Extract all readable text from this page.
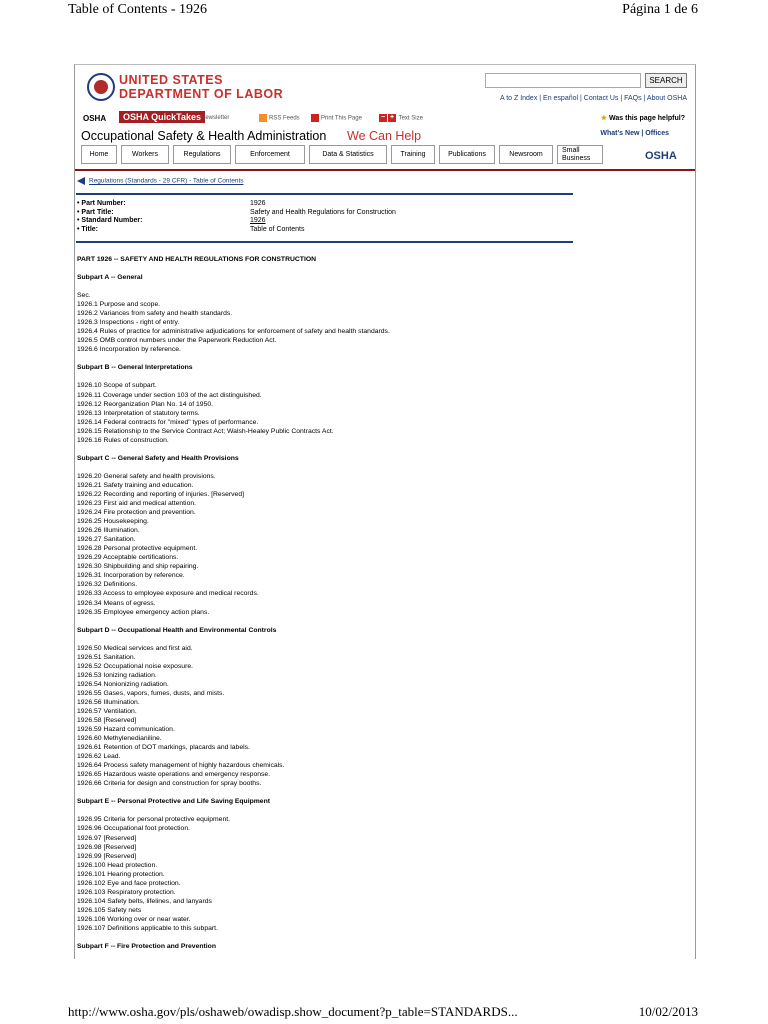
Table of Contents - 1926	Página 1 de 6
UNITED STATES
DEPARTMENT OF LABOR
SEARCH
A to Z Index | En español | Contact Us | FAQs | About OSHA
OSHA	OSHA QuickTakes Newsletter	RSS Feeds	Print This Page	− + Text Size	★ Was this page helpful?
Occupational Safety & Health Administration We Can Help	What's New | Offices
Home	Workers	Regulations	Enforcement	Data & Statistics	Training	Publications	Newsroom
Small
Business	OSHA
Regulations (Standards - 29 CFR) - Table of Contents
• Part Number:	1926
• Part Title:	Safety and Health Regulations for Construction
• Standard Number:	1926
• Title:	Table of Contents
PART 1926 -- SAFETY AND HEALTH REGULATIONS FOR CONSTRUCTION
Subpart A -- General
Sec.
1926.1 Purpose and scope.
1926.2 Variances from safety and health standards.
1926.3 Inspections - right of entry.
1926.4 Rules of practice for administrative adjudications for enforcement of safety and health standards.
1926.5 OMB control numbers under the Paperwork Reduction Act.
1926.6 Incorporation by reference.
Subpart B -- General Interpretations
1926.10 Scope of subpart.
1926.11 Coverage under section 103 of the act distinguished.
1926.12 Reorganization Plan No. 14 of 1950.
1926.13 Interpretation of statutory terms.
1926.14 Federal contracts for "mixed" types of performance.
1926.15 Relationship to the Service Contract Act; Walsh-Healey Public Contracts Act.
1926.16 Rules of construction.
Subpart C -- General Safety and Health Provisions
1926.20 General safety and health provisions.
1926.21 Safety training and education.
1926.22 Recording and reporting of injuries. [Reserved]
1926.23 First aid and medical attention.
1926.24 Fire protection and prevention.
1926.25 Housekeeping.
1926.26 Illumination.
1926.27 Sanitation.
1926.28 Personal protective equipment.
1926.29 Acceptable certifications.
1926.30 Shipbuilding and ship repairing.
1926.31 Incorporation by reference.
1926.32 Definitions.
1926.33 Access to employee exposure and medical records.
1926.34 Means of egress.
1926.35 Employee emergency action plans.
Subpart D -- Occupational Health and Environmental Controls
1926.50 Medical services and first aid.
1926.51 Sanitation.
1926.52 Occupational noise exposure.
1926.53 Ionizing radiation.
1926.54 Nonionizing radiation.
1926.55 Gases, vapors, fumes, dusts, and mists.
1926.56 Illumination.
1926.57 Ventilation.
1926.58 [Reserved]
1926.59 Hazard communication.
1926.60 Methylenedianiline.
1926.61 Retention of DOT markings, placards and labels.
1926.62 Lead.
1926.64 Process safety management of highly hazardous chemicals.
1926.65 Hazardous waste operations and emergency response.
1926.66 Criteria for design and construction for spray booths.
Subpart E -- Personal Protective and Life Saving Equipment
1926.95 Criteria for personal protective equipment.
1926.96 Occupational foot protection.
1926.97 [Reserved]
1926.98 [Reserved]
1926.99 [Reserved]
1926.100 Head protection.
1926.101 Hearing protection.
1926.102 Eye and face protection.
1926.103 Respiratory protection.
1926.104 Safety belts, lifelines, and lanyards
1926.105 Safety nets
1926.106 Working over or near water.
1926.107 Definitions applicable to this subpart.
Subpart F -- Fire Protection and Prevention
http://www.osha.gov/pls/oshaweb/owadisp.show_document?p_table=STANDARDS...	10/02/2013
